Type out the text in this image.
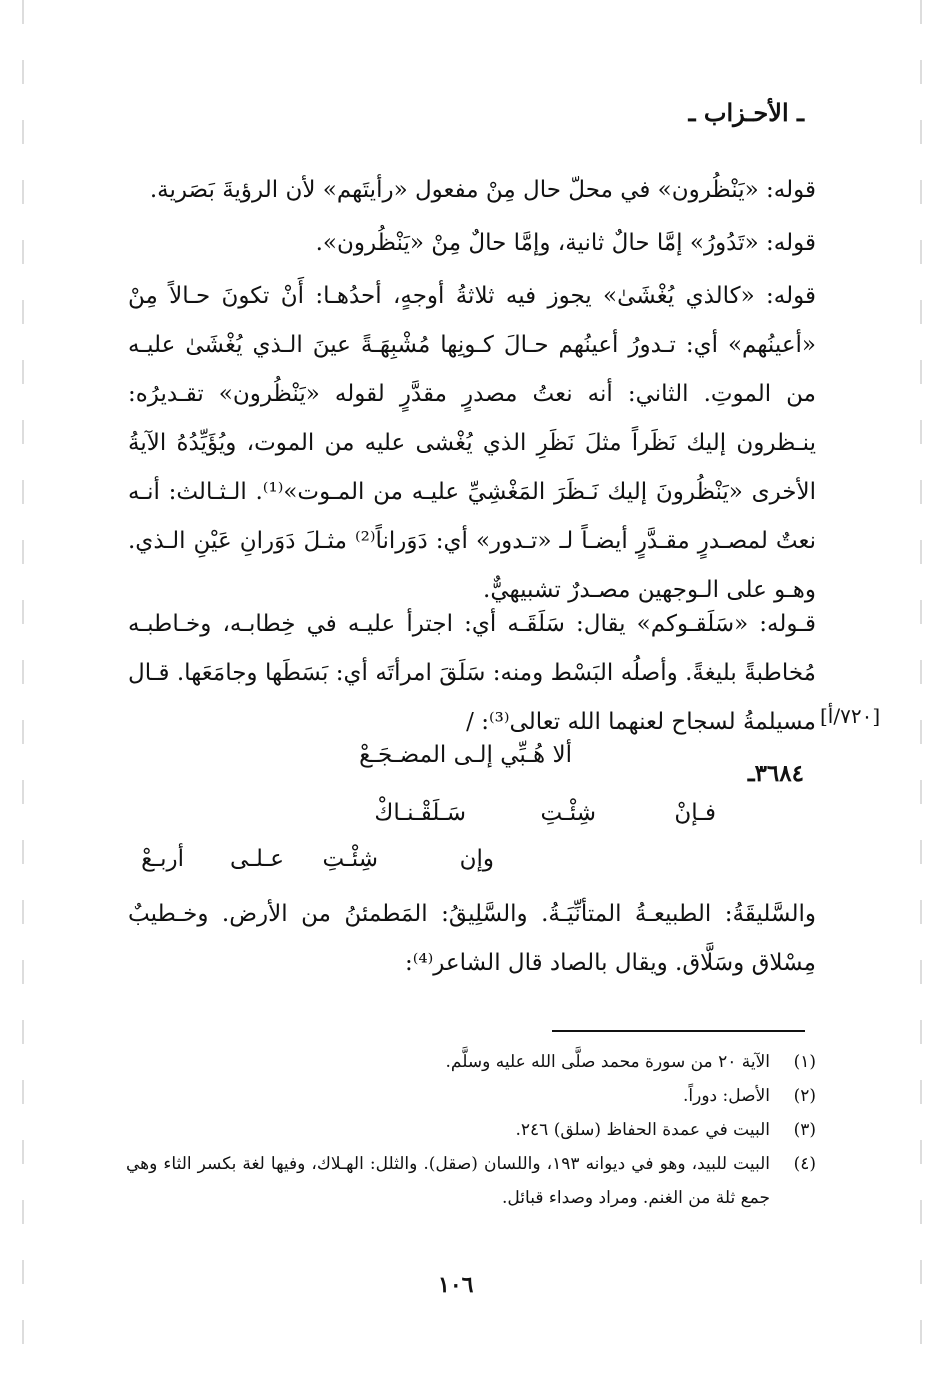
ـ الأحـزاب ـ

قوله: «يَنْظُرون» في محلّ حال مِنْ مفعول «رأيتَهم» لأن الرؤيةَ بَصَرية.

قوله: «تَدُورُ» إمَّا حالٌ ثانية، وإمَّا حالٌ مِنْ «يَنْظُرون».

قوله: «كالذي يُغْشَىٰ» يجوز فيه ثلاثةُ أوجهٍ، أحدُهـا: أَنْ تكونَ حـالاً مِنْ «أعينُهم» أي: تـدورُ أعينُهم حـالَ كـونِها مُشْبِهَـةً عينَ الـذي يُغْشَىٰ عليـه من الموتِ. الثاني: أنه نعتُ مصدرٍ مقدَّرٍ لقوله «يَنْظُرون» تقـديرُه: ينـظرون إليك نَظَراً مثلَ نَظَرِ الذي يُغْشى عليه من الموت، ويُؤَيِّدُهُ الآيةُ الأخرى «يَنْظُرونَ إليك نَـظَرَ المَغْشِيِّ عليـه من المـوت»⁽¹⁾. الـثـالث: أنـه نعتٌ لمصـدرٍ مقـدَّرٍ أيضـاً لـ «تـدور» أي: دَوَراناً⁽²⁾ مثـلَ دَوَرانِ عَيْنِ الـذي. وهـو على الـوجهين مصـدرٌ تشبيهيٌّ.

قـوله: «سَلَقـوكم» يقال: سَلَقَـه أي: اجترأ عليـه في خِطابـه، وخـاطبـه مُخاطبةً بليغةً. وأصلُه البَسْط ومنه: سَلَقَ امرأتَه أي: بَسَطَها وجامَعَها. قـال مسيلمةُ لسجاح لعنهما الله تعالى⁽³⁾: / [٧٢٠/أ]
٣٦٨٤ـ
ألا هُـبِّي إلـى المضـجَـعْ
فـإنْ
شِئْـتِ
سَـلَقْـنـاكْ
وإن
شِئْـتِ
عـلـى
أربـعْ

والسَّليقَةُ: الطبيعـةُ المتأنِّيَـةُ. والسَّلِيقُ: المَطمئنُ من الأرض. وخـطيبٌ مِسْلاق وسَلَّاق. ويقال بالصاد قال الشاعر⁽⁴⁾:

(١)
الآية ٢٠ من سورة محمد صلَّى الله عليه وسلَّم.
(٢)
الأصل: دوراً.
(٣)
البيت في عمدة الحفاظ (سلق) ٢٤٦.
(٤)
البيت للبيد، وهو في ديوانه ١٩٣، واللسان (صقل). والثلل: الهـلاك، وفيها لغة بكسر الثاء وهي جمع ثلة من الغنم. ومراد وصداء قبائل.
١٠٦
